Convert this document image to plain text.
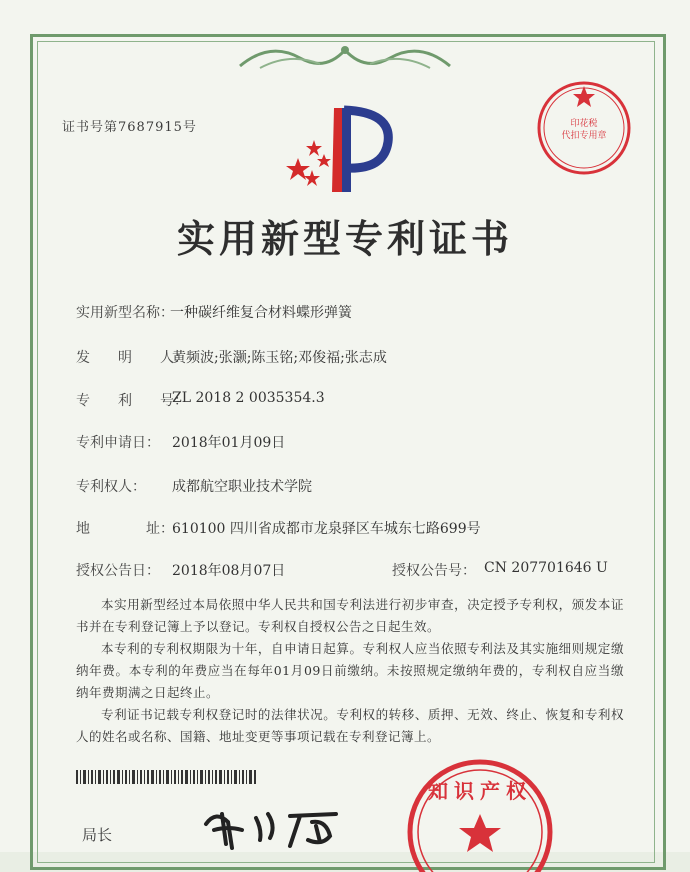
证书号第7687915号	印花税
代扣专用章
实用新型专利证书
实用新型名称：
一种碳纤维复合材料蝶形弹簧
发　　明　　人：
黄频波;张灏;陈玉铭;邓俊福;张志成
专　　利　　号：
ZL 2018 2 0035354.3
专利申请日： 2018年01月09日
专利权人： 成都航空职业技术学院
地　　　　址：
610100 四川省成都市龙泉驿区车城东七路699号
授权公告日： 2018年08月07日	授权公告号： CN 207701646 U
本实用新型经过本局依照中华人民共和国专利法进行初步审查，决定授予专利权，颁发本证书并在专利登记簿上予以登记。专利权自授权公告之日起生效。
本专利的专利权期限为十年，自申请日起算。专利权人应当依照专利法及其实施细则规定缴纳年费。本专利的年费应当在每年01月09日前缴纳。未按照规定缴纳年费的，专利权自应当缴纳年费期满之日起终止。
专利证书记载专利权登记时的法律状况。专利权的转移、质押、无效、终止、恢复和专利权人的姓名或名称、国籍、地址变更等事项记载在专利登记簿上。
局长
知识产权
